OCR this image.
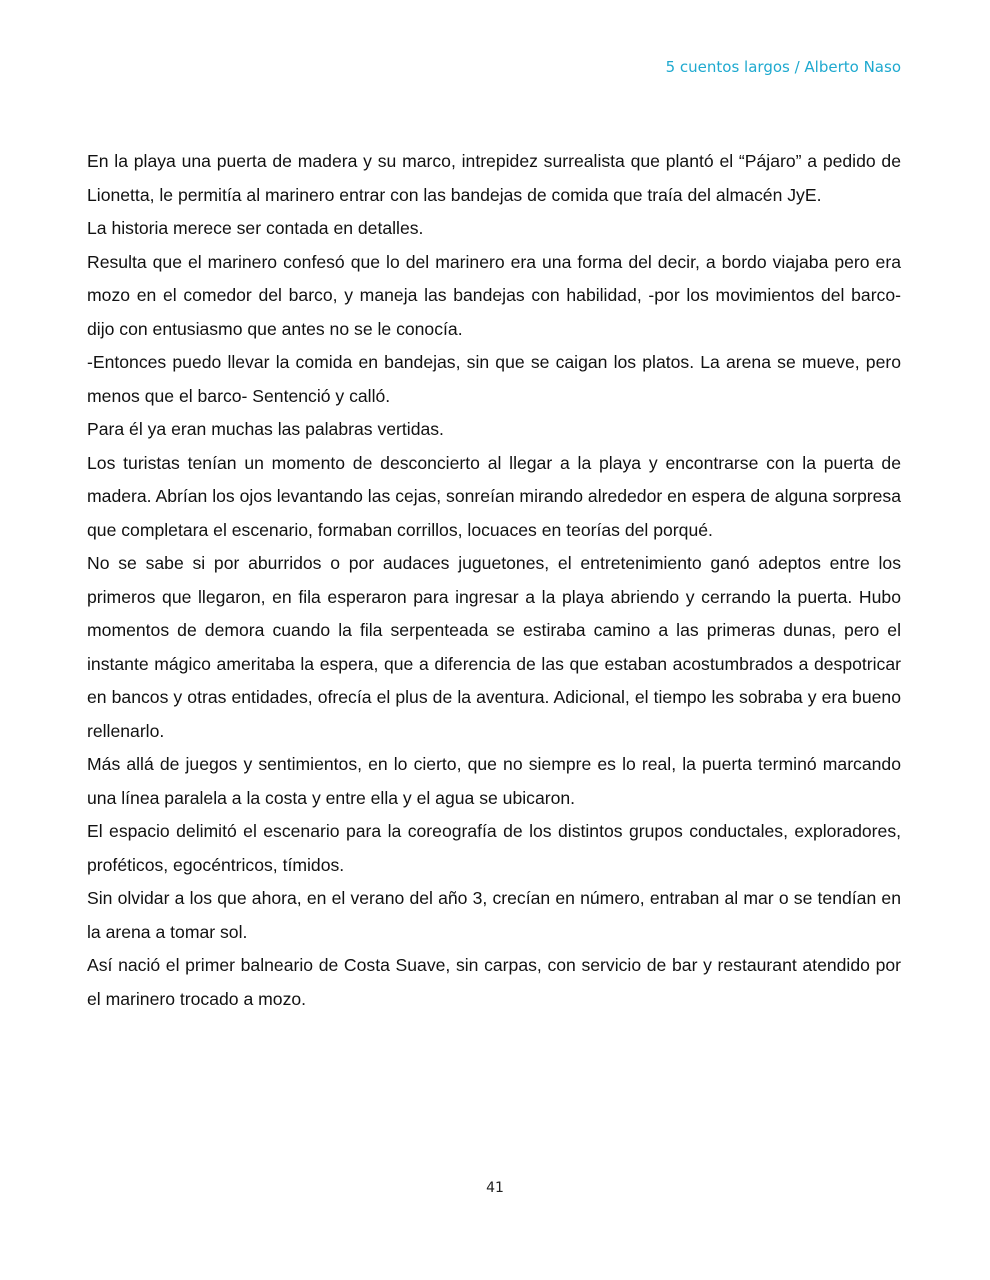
5 cuentos largos / Alberto Naso

En la playa una puerta de madera y su marco, intrepidez surrealista que plantó el “Pájaro” a pedido de Lionetta, le permitía al marinero entrar con las bandejas de comida que traía del almacén JyE.

La historia merece ser contada en detalles.

Resulta que el marinero confesó que lo del marinero era una forma del decir, a bordo viajaba pero era mozo en el comedor del barco, y maneja las bandejas con habilidad, -por los movimientos del barco- dijo con entusiasmo que antes no se le conocía.

-Entonces puedo llevar la comida en bandejas, sin que se caigan los platos. La arena se mueve, pero menos que el barco- Sentenció y calló.

Para él ya eran muchas las palabras vertidas.

Los turistas tenían un momento de desconcierto al llegar a la playa y encontrarse con la puerta de madera. Abrían los ojos levantando las cejas, sonreían mirando alrededor en espera de alguna sorpresa que completara el escenario, formaban corrillos, locuaces en teorías del porqué.

No se sabe si por aburridos o por audaces juguetones, el entretenimiento ganó adeptos entre los primeros que llegaron, en fila esperaron para ingresar a la playa abriendo y cerrando la puerta. Hubo momentos de demora cuando la fila serpenteada se estiraba camino a las primeras dunas, pero el instante mágico ameritaba la espera, que a diferencia de las que estaban acostumbrados a despotricar en bancos y otras entidades, ofrecía el plus de la aventura. Adicional, el tiempo les sobraba y era bueno rellenarlo.

Más allá de juegos y sentimientos, en lo cierto, que no siempre es lo real, la puerta terminó marcando una línea paralela a la costa y entre ella y el agua se ubicaron.

El espacio delimitó el escenario para la coreografía de los distintos grupos conductales, exploradores, proféticos, egocéntricos, tímidos.

Sin olvidar a los que ahora, en el verano del año 3, crecían en número, entraban al mar o se tendían en la arena a tomar sol.

Así nació el primer balneario de Costa Suave, sin carpas, con servicio de bar y restaurant atendido por el marinero trocado a mozo.

41
